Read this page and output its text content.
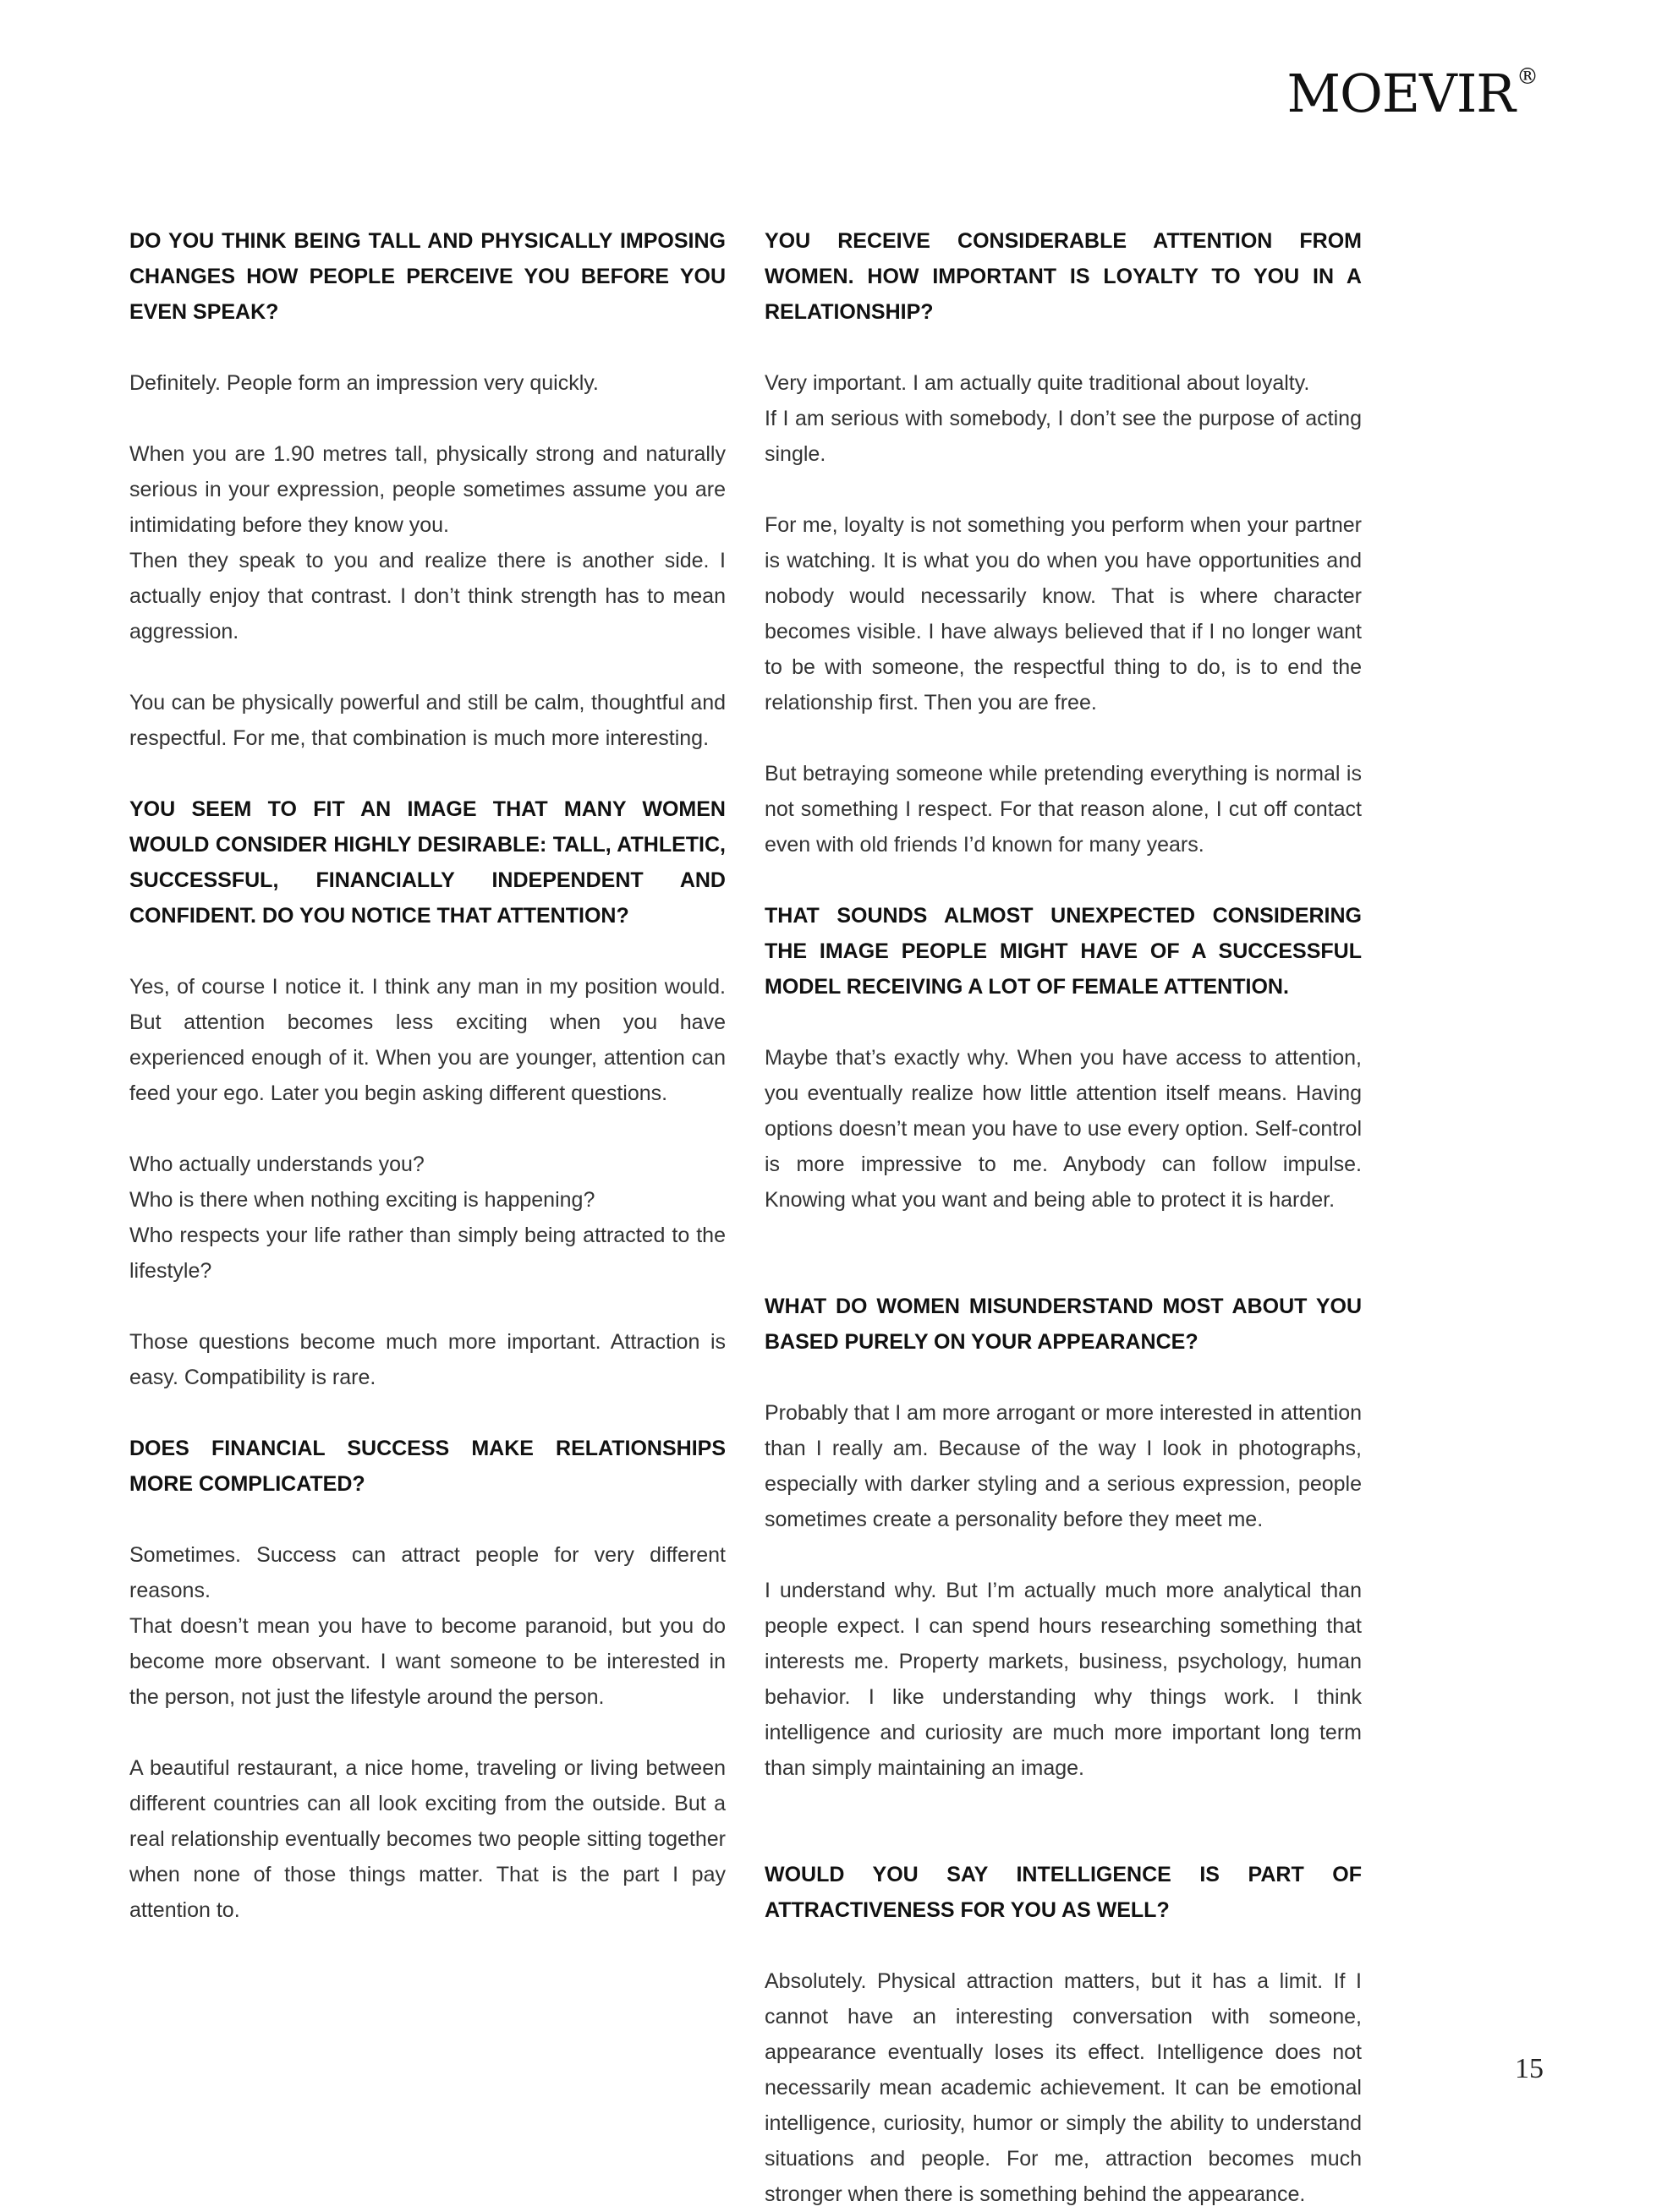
MOEVIR®

DO YOU THINK BEING TALL AND PHYSICALLY IMPOSING CHANGES HOW PEOPLE PERCEIVE YOU BEFORE YOU EVEN SPEAK?

Definitely. People form an impression very quickly.

When you are 1.90 metres tall, physically strong and naturally serious in your expression, people sometimes assume you are intimidating before they know you.

Then they speak to you and realize there is another side. I actually enjoy that contrast. I don’t think strength has to mean aggression.

You can be physically powerful and still be calm, thoughtful and respectful. For me, that combination is much more interesting.

YOU SEEM TO FIT AN IMAGE THAT MANY WOMEN WOULD CONSIDER HIGHLY DESIRABLE: TALL, ATHLETIC, SUCCESSFUL, FINANCIALLY INDEPENDENT AND CONFIDENT. DO YOU NOTICE THAT ATTENTION?

Yes, of course I notice it. I think any man in my position would. But attention becomes less exciting when you have experienced enough of it. When you are younger, attention can feed your ego. Later you begin asking different questions.

Who actually understands you?

Who is there when nothing exciting is happening?

Who respects your life rather than simply being attracted to the lifestyle?

Those questions become much more important. Attraction is easy. Compatibility is rare.

DOES FINANCIAL SUCCESS MAKE RELATIONSHIPS MORE COMPLICATED?

Sometimes. Success can attract people for very different reasons.

That doesn’t mean you have to become paranoid, but you do become more observant. I want someone to be interested in the person, not just the lifestyle around the person.

A beautiful restaurant, a nice home, traveling or living between different countries can all look exciting from the outside. But a real relationship eventually becomes two people sitting together when none of those things matter. That is the part I pay attention to.

YOU RECEIVE CONSIDERABLE ATTENTION FROM WOMEN. HOW IMPORTANT IS LOYALTY TO YOU IN A RELATIONSHIP?

Very important. I am actually quite traditional about loyalty.

If I am serious with somebody, I don’t see the purpose of acting single.

For me, loyalty is not something you perform when your partner is watching. It is what you do when you have opportunities and nobody would necessarily know. That is where character becomes visible. I have always believed that if I no longer want to be with someone, the respectful thing to do, is to end the relationship first. Then you are free.

But betraying someone while pretending everything is normal is not something I respect. For that reason alone, I cut off contact even with old friends I’d known for many years.

THAT SOUNDS ALMOST UNEXPECTED CONSIDERING THE IMAGE PEOPLE MIGHT HAVE OF A SUCCESSFUL MODEL RECEIVING A LOT OF FEMALE ATTENTION.

Maybe that’s exactly why. When you have access to attention, you eventually realize how little attention itself means. Having options doesn’t mean you have to use every option. Self-control is more impressive to me. Anybody can follow impulse. Knowing what you want and being able to protect it is harder.

WHAT DO WOMEN MISUNDERSTAND MOST ABOUT YOU BASED PURELY ON YOUR APPEARANCE?

Probably that I am more arrogant or more interested in attention than I really am. Because of the way I look in photographs, especially with darker styling and a serious expression, people sometimes create a personality before they meet me.

I understand why. But I’m actually much more analytical than people expect. I can spend hours researching something that interests me. Property markets, business, psychology, human behavior. I like understanding why things work. I think intelligence and curiosity are much more important long term than simply maintaining an image.

WOULD YOU SAY INTELLIGENCE IS PART OF ATTRACTIVENESS FOR YOU AS WELL?

Absolutely. Physical attraction matters, but it has a limit. If I cannot have an interesting conversation with someone, appearance eventually loses its effect. Intelligence does not necessarily mean academic achievement. It can be emotional intelligence, curiosity, humor or simply the ability to understand situations and people. For me, attraction becomes much stronger when there is something behind the appearance.

15
